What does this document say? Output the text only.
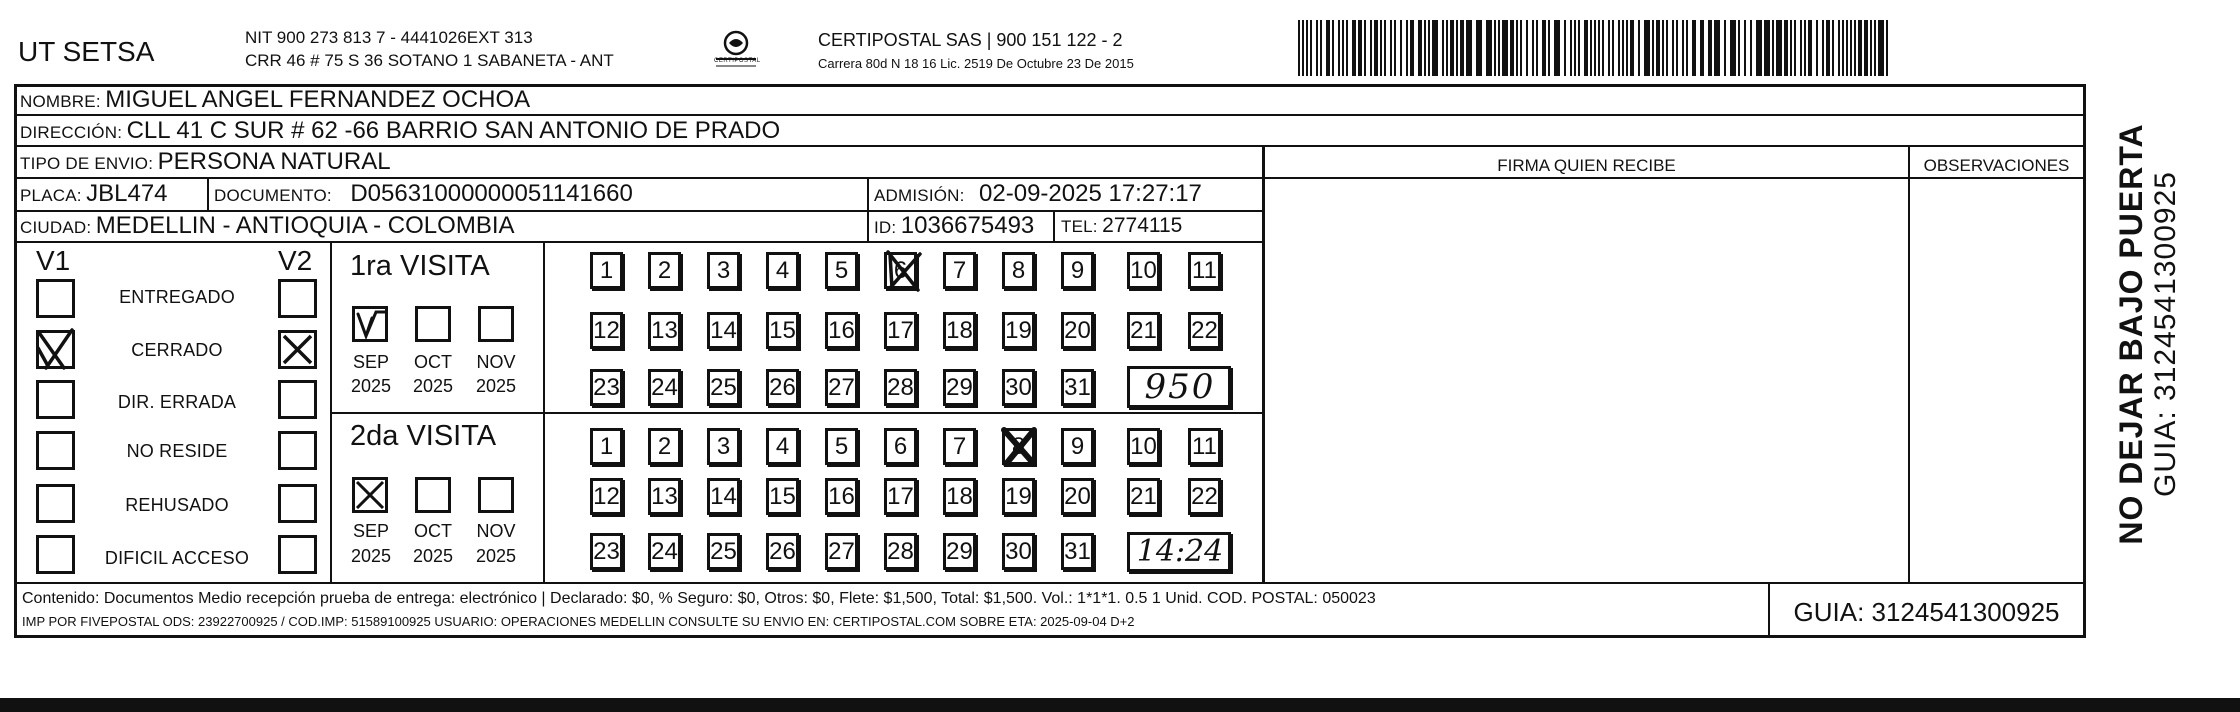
UT SETSA	NIT 900 273 813 7 - 4441026EXT 313
CRR 46 # 75 S 36 SOTANO 1 SABANETA - ANT	CERTIPOSTAL
CERTIPOSTAL SAS | 900 151 122 - 2
Carrera 80d N 18 16 Lic. 2519 De Octubre 23 De 2015
NOMBRE: MIGUEL ANGEL FERNANDEZ OCHOA
DIRECCIÓN: CLL 41 C SUR # 62 -66 BARRIO SAN ANTONIO DE PRADO
TIPO DE ENVIO: PERSONA NATURAL
PLACA: JBL474	DOCUMENTO: D05631000000051141660	ADMISIÓN: 02-09-2025 17:27:17
CIUDAD: MEDELLIN - ANTIOQUIA - COLOMBIA	ID: 1036675493 TEL: 2774115
FIRMA QUIEN RECIBE	OBSERVACIONES
V1	V2
ENTREGADO
CERRADO
DIR. ERRADA
NO RESIDE
REHUSADO
DIFICIL ACCESO
1ra VISITA
SEP OCT NOV
2025 2025 2025
1	2	3	4	5	6	7	8	9	10 11
12 13 14 15 16 17 18 19 20 21 22
23 24 25 26 27 28 29 30 31	950
2da VISITA
SEP OCT NOV
2025 2025 2025
1	2	3	4	5	6	7	8	9	10 11
12 13 14 15 16 17 18 19 20 21 22
23 24 25 26 27 28 29 30 31 14:24
Contenido: Documentos Medio recepción prueba de entrega: electrónico | Declarado: $0, % Seguro: $0, Otros: $0, Flete: $1,500, Total: $1,500. Vol.: 1*1*1. 0.5 1 Unid. COD. POSTAL: 050023
IMP POR FIVEPOSTAL ODS: 23922700925 / COD.IMP: 51589100925 USUARIO: OPERACIONES MEDELLIN CONSULTE SU ENVIO EN: CERTIPOSTAL.COM SOBRE ETA: 2025-09-04 D+2	GUIA: 3124541300925
NO DEJAR BAJO PUERTA GUIA: 3124541300925
